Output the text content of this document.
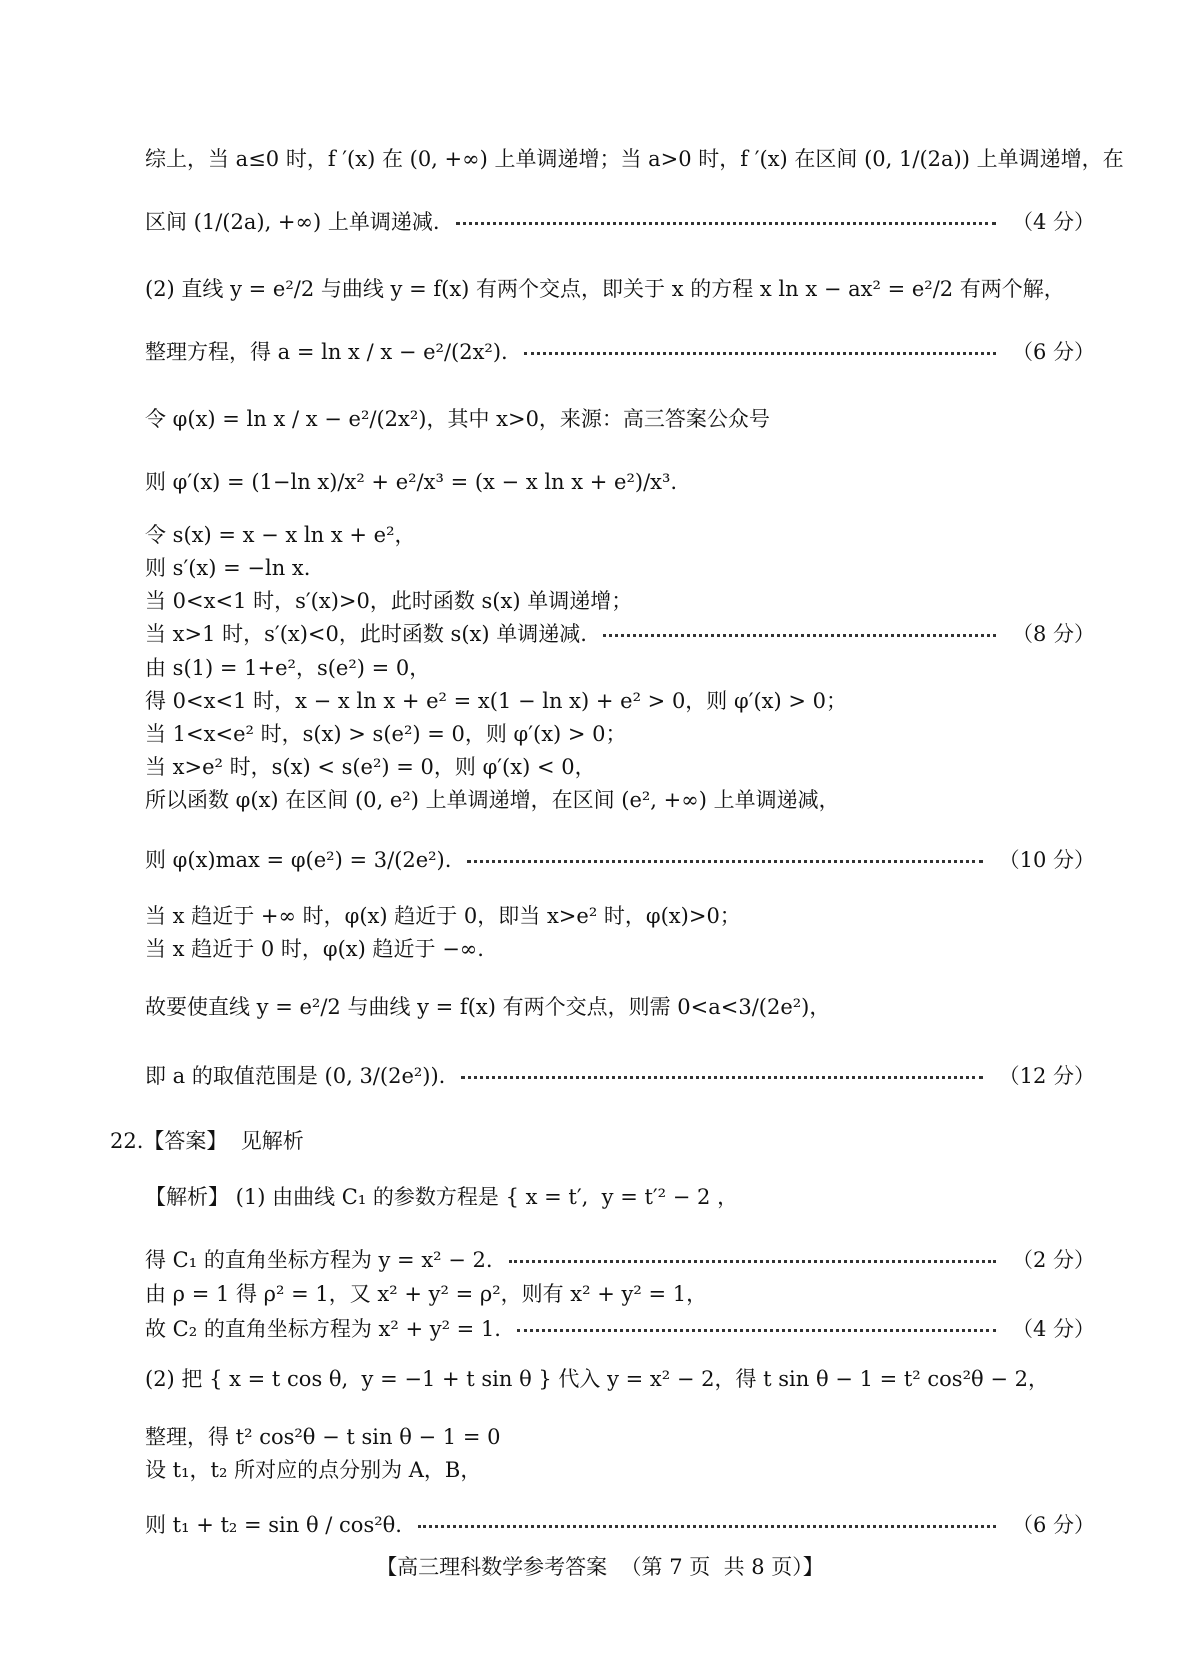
综上，当 a≤0 时，f ′(x) 在 (0, +∞) 上单调递增；当 a>0 时，f ′(x) 在区间 (0, 1/(2a)) 上单调递增，在
区间 (1/(2a), +∞) 上单调递减.	（4 分）
(2) 直线 y = e²/2 与曲线 y = f(x) 有两个交点，即关于 x 的方程 x ln x − ax² = e²/2 有两个解，
整理方程，得 a = ln x / x − e²/(2x²).	（6 分）
令 φ(x) = ln x / x − e²/(2x²)，其中 x>0，来源：高三答案公众号
则 φ′(x) = (1−ln x)/x² + e²/x³ = (x − x ln x + e²)/x³.
令 s(x) = x − x ln x + e²，
则 s′(x) = −ln x.
当 0<x<1 时，s′(x)>0，此时函数 s(x) 单调递增；
当 x>1 时，s′(x)<0，此时函数 s(x) 单调递减.	（8 分）
由 s(1) = 1+e²，s(e²) = 0，
得 0<x<1 时，x − x ln x + e² = x(1 − ln x) + e² > 0，则 φ′(x) > 0；
当 1<x<e² 时，s(x) > s(e²) = 0，则 φ′(x) > 0；
当 x>e² 时，s(x) < s(e²) = 0，则 φ′(x) < 0，
所以函数 φ(x) 在区间 (0, e²) 上单调递增，在区间 (e², +∞) 上单调递减，
则 φ(x)max = φ(e²) = 3/(2e²).	（10 分）
当 x 趋近于 +∞ 时，φ(x) 趋近于 0，即当 x>e² 时，φ(x)>0；
当 x 趋近于 0 时，φ(x) 趋近于 −∞.
故要使直线 y = e²/2 与曲线 y = f(x) 有两个交点，则需 0<a<3/(2e²)，
即 a 的取值范围是 (0, 3/(2e²)).	（12 分）
22.【答案】  见解析
【解析】 (1) 由曲线 C₁ 的参数方程是 { x = t′,  y = t′² − 2 ，
得 C₁ 的直角坐标方程为 y = x² − 2.	（2 分）
由 ρ = 1 得 ρ² = 1，又 x² + y² = ρ²，则有 x² + y² = 1，
故 C₂ 的直角坐标方程为 x² + y² = 1.	（4 分）
(2) 把 { x = t cos θ,  y = −1 + t sin θ } 代入 y = x² − 2，得 t sin θ − 1 = t² cos²θ − 2，
整理，得 t² cos²θ − t sin θ − 1 = 0
设 t₁，t₂ 所对应的点分别为 A，B，
则 t₁ + t₂ = sin θ / cos²θ.	（6 分）
【高三理科数学参考答案  （第 7 页  共 8 页）】
